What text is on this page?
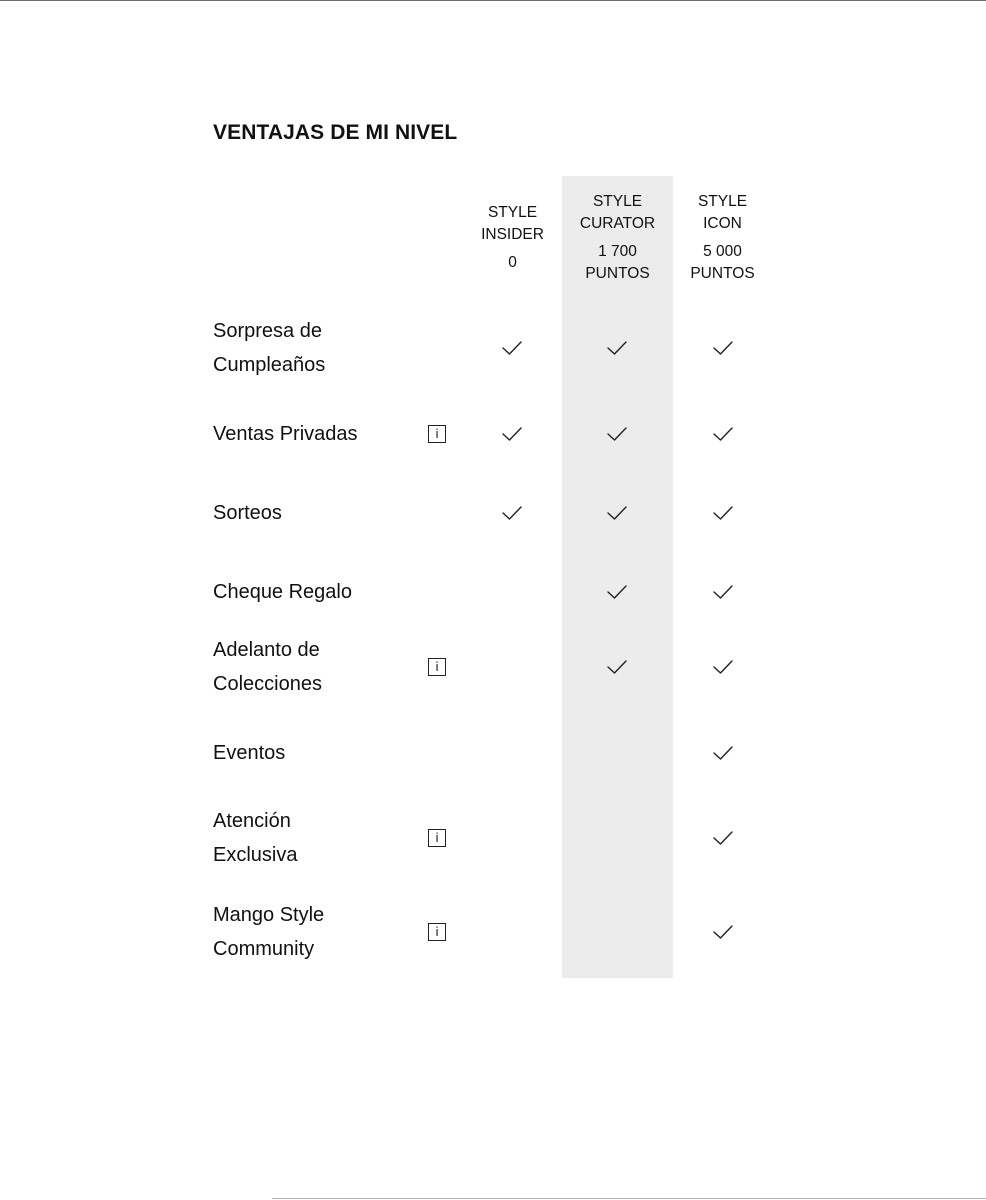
VENTAJAS DE MI NIVEL
STYLE
INSIDER
0
STYLE
CURATOR
1 700
PUNTOS
STYLE
ICON
5 000
PUNTOS
Sorpresa de Cumpleaños
Ventas Privadas	i
Sorteos
Cheque Regalo
Adelanto de Colecciones
i
Eventos
Atención Exclusiva
i
Mango Style Community
i
